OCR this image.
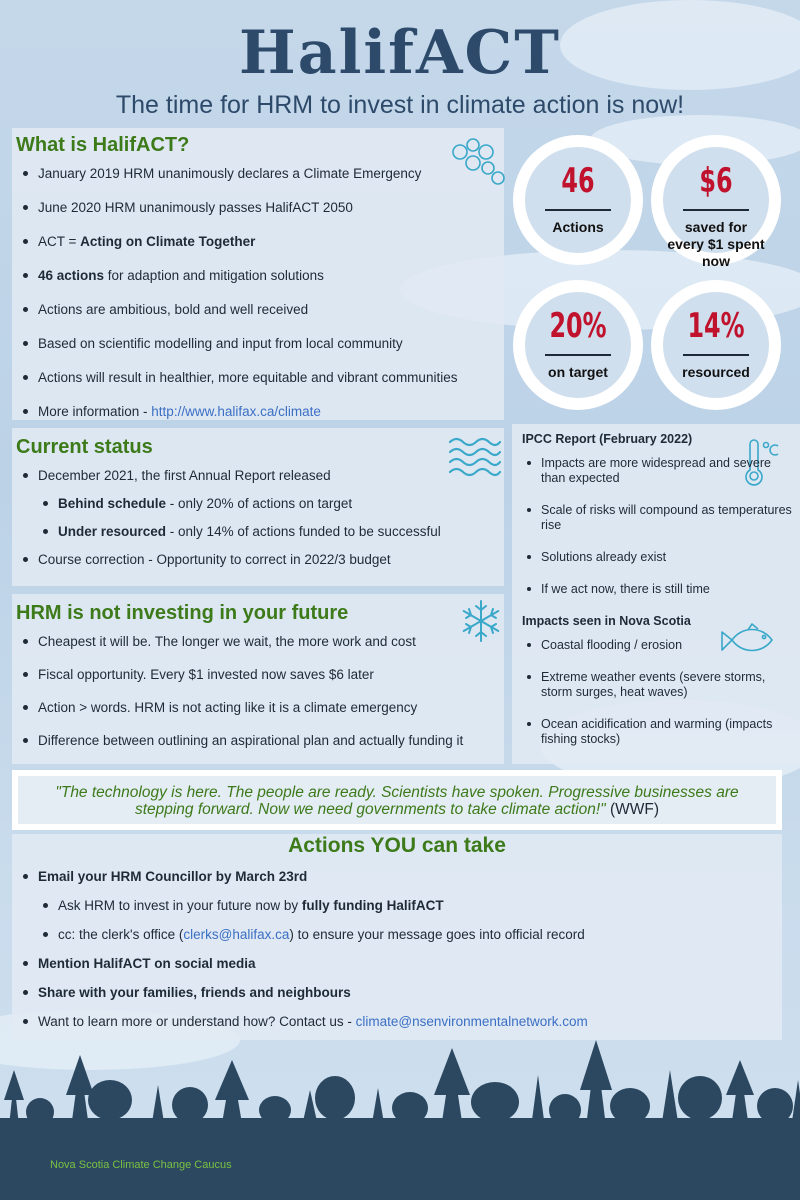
HalifACT
The time for HRM to invest in climate action is now!
What is HalifACT?
January 2019 HRM unanimously declares a Climate Emergency
June 2020 HRM unanimously passes HalifACT 2050
ACT = Acting on Climate Together
46 actions for adaption and mitigation solutions
Actions are ambitious, bold and well received
Based on scientific modelling and input from local community
Actions will result in healthier, more equitable and vibrant communities
More information - http://www.halifax.ca/climate
46
Actions
$6
saved for every $1 spent now
20%
on target
14%
resourced
Current status
December 2021, the first Annual Report released
Behind schedule - only 20% of actions on target
Under resourced - only 14% of actions funded to be successful
Course correction - Opportunity to correct in 2022/3 budget
HRM is not investing in your future
Cheapest it will be. The longer we wait, the more work and cost
Fiscal opportunity. Every $1 invested now saves $6 later
Action > words. HRM is not acting like it is a climate emergency
Difference between outlining an aspirational plan and actually funding it
IPCC Report (February 2022)
Impacts are more widespread and severe than expected
Scale of risks will compound as temperatures rise
Solutions already exist
If we act now, there is still time
Impacts seen in Nova Scotia
Coastal flooding / erosion
Extreme weather events (severe storms, storm surges, heat waves)
Ocean acidification and warming (impacts fishing stocks)
"The technology is here. The people are ready. Scientists have spoken. Progressive businesses are stepping forward. Now we need governments to take climate action!" (WWF)
Actions YOU can take
Email your HRM Councillor by March 23rd
Ask HRM to invest in your future now by fully funding HalifACT
cc: the clerk's office (clerks@halifax.ca) to ensure your message goes into official record
Mention HalifACT on social media
Share with your families, friends and neighbours
Want to learn more or understand how? Contact us - climate@nsenvironmentalnetwork.com
Nova Scotia Climate Change Caucus
